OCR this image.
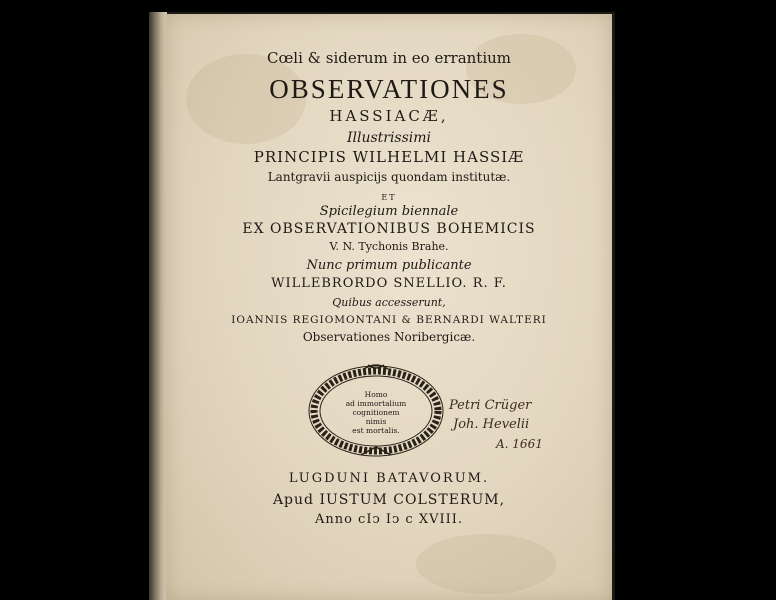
Cœli & siderum in eo errantium
OBSERVATIONES
HASSIACÆ,
Illustrissimi
PRINCIPIS WILHELMI HASSIÆ
Lantgravii auspicijs quondam institutæ.
ET
Spicilegium biennale
EX OBSERVATIONIBUS BOHEMICIS
V. N. Tychonis Brahe.
Nunc primum publicante
WILLEBRORDO SNELLIO. R. F.
Quibus accesserunt,
IOANNIS REGIOMONTANI & BERNARDI WALTERI
Observationes Noribergicæ.
Homo
ad immortalium
cognitionem nimis
est mortalis.
Petri Crüger
Joh. Hevelii
A. 1661
LUGDUNI BATAVORUM.
Apud IUSTUM COLSTERUM,
Anno cIↄ Iↄ c XVIII.
